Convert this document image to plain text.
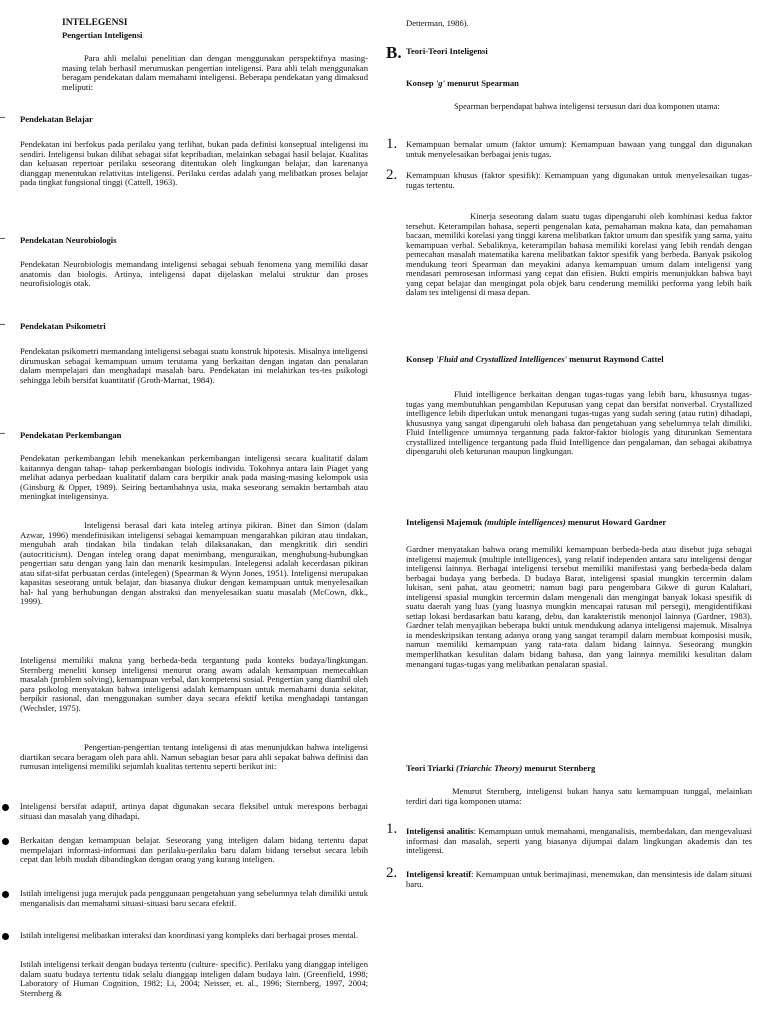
INTELEGENSI

Pengertian Inteligensi

Para ahli melalui penelitian dan dengan menggunakan perspektifnya masing-masing telah berhasil merumuskan pengertian inteligensi. Para ahli telah menggunakan beragam pendekatan dalam memahami inteligensi. Beberapa pendekatan yang dimaksud meliputi:

– Pendekatan Belajar

Pendekatan ini berfokus pada perilaku yang terlihat, bukan pada definisi konseptual inteligensi itu sendiri. Inteligensi bukan dilihat sebagai sifat kepribadian, melainkan sebagai hasil belajar. Kualitas dan keluasan repertoar perilaku seseorang ditentukan oleh lingkungan belajar, dan karenanya dianggap menentukan relativitas inteligensi. Perilaku cerdas adalah yang melibatkan proses belajar pada tingkat fungsional tinggi (Cattell, 1963).

– Pendekatan Neurobiologis

Pendekatan Neurobiologis memandang inteligensi sebagai sebuah fenomena yang memiliki dasar anatomis dan biologis. Artinya, inteligensi dapat dijelaskan melalui struktur dan proses neurofisiologis otak.

– Pendekatan Psikometri

Pendekatan psikometri memandang inteligensi sebagai suatu konstruk hipotesis. Misalnya inteligensi dirumuskan sebagai kemampuan umum terutama yang berkaitan dengan ingatan dan penalaran dalam mempelajari dan menghadapi masalah baru. Pendekatan ini melahirkan tes-tes psikologi sehingga lebih bersifat kuantitatif (Groth-Marnat, 1984).

– Pendekatan Perkembangan

Pendekatan perkembangan lebih menekankan perkembangan inteligensi secara kualitatif dalam kaitannya dengan tahap- tahap perkembangan biologis individu. Tokohnya antara lain Piaget yang melihat adanya perbedaan kualitatif dalam cara berpikir anak pada masing-masing kelompok usia (Ginsburg & Opper, 1989). Seiring bertambahnya usia, maka seseorang semakin bertambah atau meningkat inteligensinya.

Inteligensi berasal dari kata inteleg artinya pikiran. Binet dan Simon (dalam Azwar, 1996) mendefinisikan inteligensi sebagai kemampuan mengarahkan pikiran atau tindakan, mengubah arah tindakan bila tindakan telah dilaksanakan, dan mengkritik diri sendiri (autocriticism). Dengan inteleg orang dapat menimbang, menguraikan, menghubung-hubungkan pengertian satu dengan yang lain dan menarik kesimpulan. Intelegensi adalah kecerdasan pikiran atau sifat-sifat perbuatan cerdas (intelegen) (Spearman & Wynn Jones, 1951). Inteligensi merupakan kapasitas seseorang untuk belajar, dan biasanya diukur dengan kemampuan untuk menyelesaikan hal- hal yang berhubungan dengan abstraksi dan menyelesaikan suatu masalah (McCown, dkk., 1999).

Inteligensi memiliki makna yang berbeda-beda tergantung pada konteks budaya/lingkungan. Sternberg meneliti konsep inteligensi menurut orang awam adalah kemampuan memecahkan masalah (problem solving), kemampuan verbal, dan kompetensi sosial. Pengertian yang diambil oleh para psikolog menyatakan bahwa inteligensi adalah kemampuan untuk memahami dunia sekitar, berpikir rasional, dan menggunakan sumber daya secara efektif ketika menghadapi tantangan (Wechsler, 1975).

Pengertian-pengertian tentang inteligensi di atas menunjukkan bahwa inteligensi diartikan secara beragam oleh para ahli. Namun sebagian besar para ahli sepakat bahwa definisi dan rumusan inteligensi memiliki sejumlah kualitas tertentu seperti berikut ini:

Inteligensi bersifat adaptif, artinya dapat digunakan secara fleksibel untuk merespons berbagai situasi dan masalah yang dihadapi.

Berkaitan dengan kemampuan belajar. Seseorang yang inteligen dalam bidang tertentu dapat mempelajari informasi-informasi dan perilaku-perilaku baru dalam bidang tersebut secara lebih cepat dan lebih mudah dibandingkan dengan orang yang kurang inteligen.

Istilah inteligensi juga merujuk pada penggunaan pengetahuan yang sebelumnya telah dimiliki untuk menganalisis dan memahami situasi-situasi baru secara efektif.

Istilah inteligensi melibatkan interaksi dan koordinasi yang kompleks dari berbagai proses mental.

Istilah inteligensi terkait dengan budaya tertentu (culture- specific). Perilaku yang dianggap inteligen dalam suatu budaya tertentu tidak selalu dianggap inteligen dalam budaya lain. (Greenfield, 1998; Laboratory of Human Cognition, 1982; Li, 2004; Neisser, et. al., 1996; Sternberg, 1997, 2004; Sternberg &

Detterman, 1986).

B. Teori-Teori Inteligensi

Konsep 'g' menurut Spearman

Spearman berpendapat bahwa inteligensi tersusun dari dua komponen utama:

1. Kemampuan bernalar umum (faktor umum): Kemampuan bawaan yang tunggal dan digunakan untuk menyelesaikan berbagai jenis tugas.

2. Kemampuan khusus (faktor spesifik): Kemampuan yang digunakan untuk menyelesaikan tugas-tugas tertentu.

Kinerja seseorang dalam suatu tugas dipengaruhi oleh kombinasi kedua faktor tersebut. Keterampilan bahasa, seperti pengenalan kata, pemahaman makna kata, dan pemahaman bacaan, memiliki korelasi yang tinggi karena melibatkan faktor umum dan spesifik yang sama, yaitu kemampuan verbal. Sebaliknya, keterampilan bahasa memiliki korelasi yang lebih rendah dengan pemecahan masalah matematika karena melibatkan faktor spesifik yang berbeda. Banyak psikolog mendukung teori Spearman dan meyakini adanya kemampuan umum dalam inteligensi yang mendasari pemrosesan informasi yang cepat dan efisien. Bukti empiris menunjukkan bahwa bayi yang cepat belajar dan mengingat pola objek baru cenderung memiliki performa yang lebih baik dalam tes inteligensi di masa depan.

Konsep 'Fluid and Crystallized Intelligences' menurut Raymond Cattel

Fluid intelligence berkaitan dengan tugas-tugas yang lebih baru, khususnya tugas-tugas yang membutuhkan pengambilan Keputusan yang cepat dan bersifat nonverbal. Crystallized intelligence lebih diperlukan untuk menangani tugas-tugas yang sudah sering (atau rutin) dihadapi, khususnya yang sangat dipengaruhi oleh bahasa dan pengetahuan yang sebelumnya telah dimiliki. Fluid Intelligence umumnya tergantung pada faktor-faktor biologis yang diturunkan Sementara crystallized intelligence tergantung pada fluid Intelligence dan pengalaman, dan sebagai akibatnya dipengaruhi oleh keturunan maupun lingkungan.

Inteligensi Majemuk (multiple intelligences) menurut Howard Gardner

Gardner menyatakan bahwa orang memiliki kemampuan berbeda-beda atau disebut juga sebagai inteligensi majemuk (multiple intelligences), yang relatif independen antara satu inteligensi dengar inteligensi lainnya. Berbagai inteligensi tersebut memiliki manifestasi yang berbeda-beda dalam berbagai budaya yang berbeda. D budaya Barat, inteligensi spasial mungkin tercermin dalam lukisan, seni pahat, atau geometri; namun bagi para pengembara Gikwe di gurun Kalahari, inteligensi spasial mungkin tercermin dalam mengenali dan mengingat banyak lokasi spesifik di suatu daerah yang luas (yang luasnya mungkin mencapai ratusan mil persegi), mengidentifikasi setiap lokasi berdasarkan batu karang, debu, dan karakteristik menonjol lainnya (Gardner, 1983). Gardner telah menyajikan beberapa bukti untuk mendukung adanya inteligensi majemuk. Misalnya ia mendeskripsikan tentang adanya orang yang sangat terampil dalam membuat komposisi musik, namun memiliki kemampuan yang rata-rata dalam bidang lainnya. Seseorang mungkin memperlihatkan kesulitan dalam bidang bahasa, dan yang lainnya memiliki kesulitan dalam menangani tugas-tugas yang melibatkan penalaran spasial.

Teori Triarki (Triarchic Theory) menurut Sternberg

Menurut Sternberg, inteligensi bukan hanya satu kemampuan tunggal, melainkan terdiri dari tiga komponen utama:

1. Inteligensi analitis: Kemampuan untuk memahami, menganalisis, membedakan, dan mengevaluasi informasi dan masalah, seperti yang biasanya dijumpai dalam lingkungan akademis dan tes inteligensi.

2. Inteligensi kreatif: Kemampuan untuk berimajinasi, menemukan, dan mensintesis ide dalam situasi baru.
